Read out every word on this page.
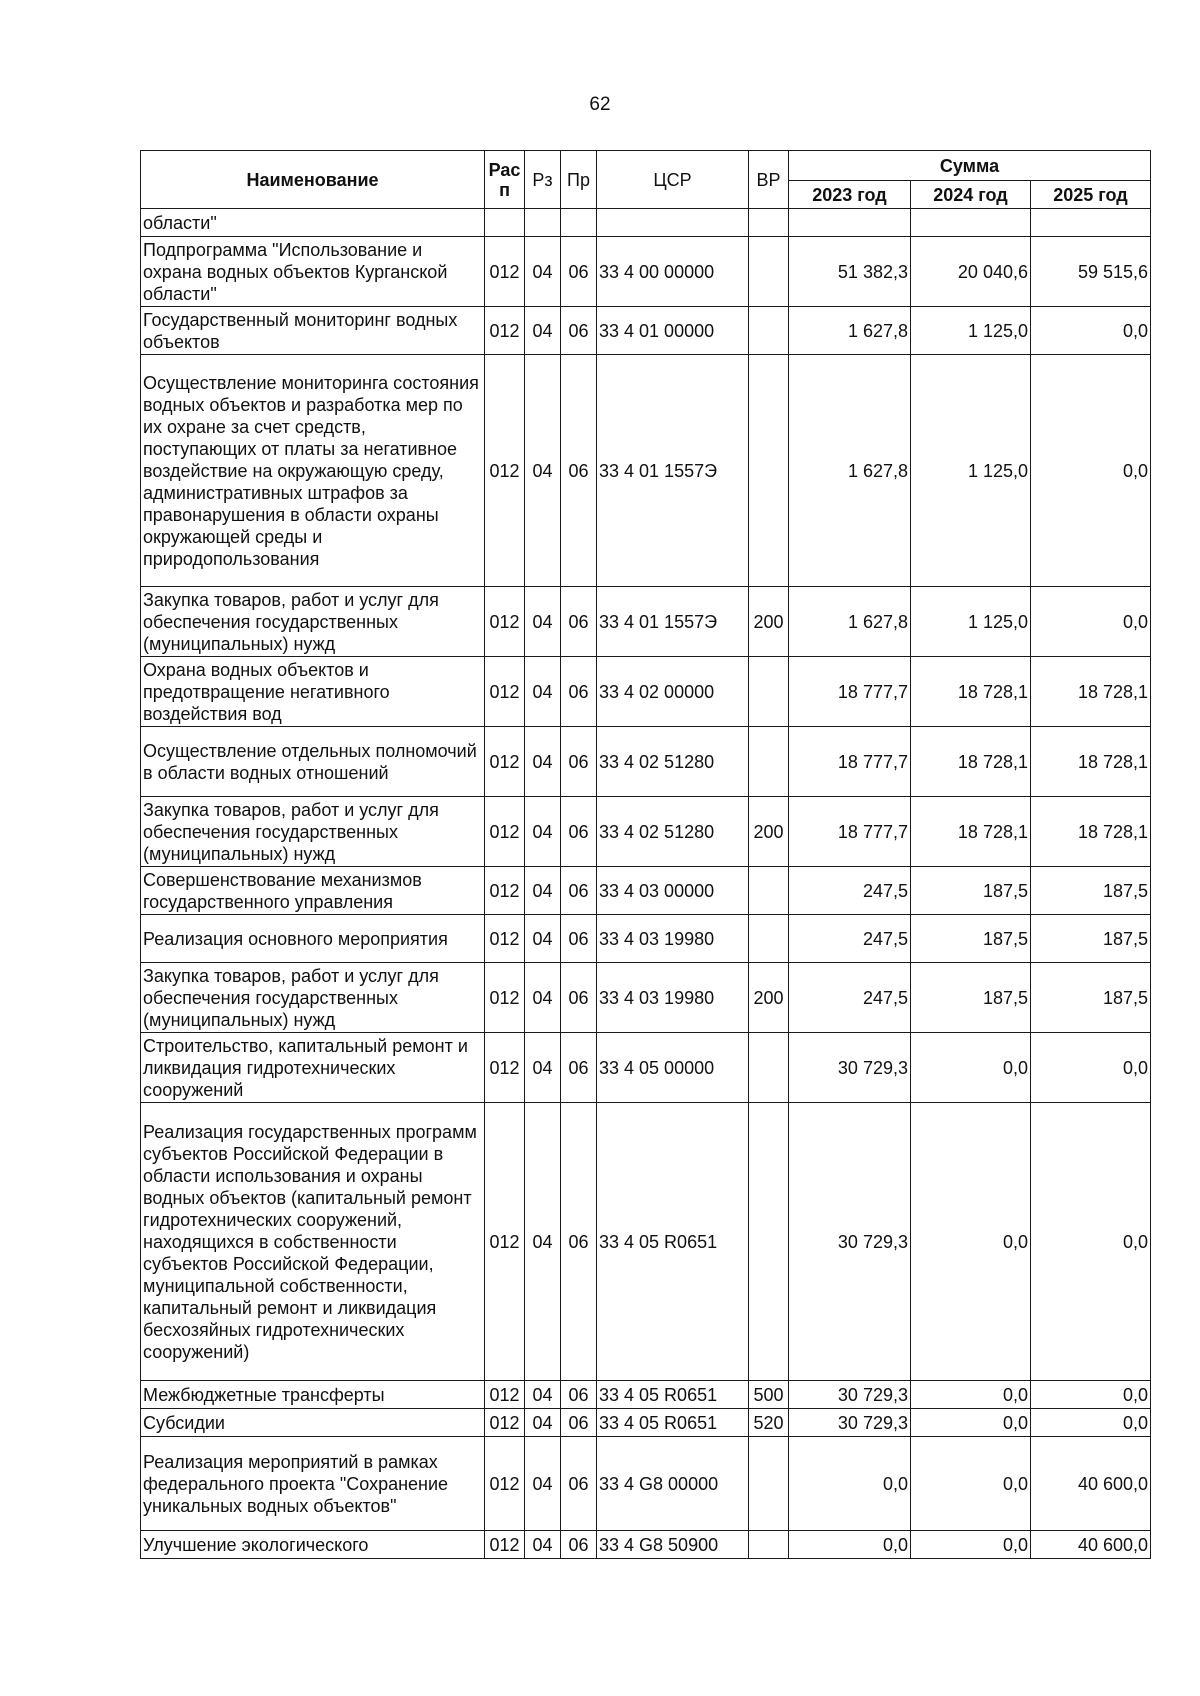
62
Наименование	Расп	Рз	Пр	ЦСР	ВР	Сумма		
						2023 год	2024 год	2025 год
области"								
Подпрограмма "Использование и охрана водных объектов Курганской области"	012	04	06	33 4 00 00000		51 382,3	20 040,6	59 515,6
Государственный мониторинг водных объектов	012	04	06	33 4 01 00000		1 627,8	1 125,0	0,0
Осуществление мониторинга состояния водных объектов и разработка мер по их охране за счет средств, поступающих от платы за негативное воздействие на окружающую среду, административных штрафов за правонарушения в области охраны окружающей среды и природопользования	012	04	06	33 4 01 1557Э		1 627,8	1 125,0	0,0
Закупка товаров, работ и услуг для обеспечения государственных (муниципальных) нужд	012	04	06	33 4 01 1557Э	200	1 627,8	1 125,0	0,0
Охрана водных объектов и предотвращение негативного воздействия вод	012	04	06	33 4 02 00000		18 777,7	18 728,1	18 728,1
Осуществление отдельных полномочий в области водных отношений	012	04	06	33 4 02 51280		18 777,7	18 728,1	18 728,1
Закупка товаров, работ и услуг для обеспечения государственных (муниципальных) нужд	012	04	06	33 4 02 51280	200	18 777,7	18 728,1	18 728,1
Совершенствование механизмов государственного управления	012	04	06	33 4 03 00000		247,5	187,5	187,5
Реализация основного мероприятия	012	04	06	33 4 03 19980		247,5	187,5	187,5
Закупка товаров, работ и услуг для обеспечения государственных (муниципальных) нужд	012	04	06	33 4 03 19980	200	247,5	187,5	187,5
Строительство, капитальный ремонт и ликвидация гидротехнических сооружений	012	04	06	33 4 05 00000		30 729,3	0,0	0,0
Реализация государственных программ субъектов Российской Федерации в области использования и охраны водных объектов (капитальный ремонт гидротехнических сооружений, находящихся в собственности субъектов Российской Федерации, муниципальной собственности, капитальный ремонт и ликвидация бесхозяйных гидротехнических сооружений)	012	04	06	33 4 05 R0651		30 729,3	0,0	0,0
Межбюджетные трансферты	012	04	06	33 4 05 R0651	500	30 729,3	0,0	0,0
Субсидии	012	04	06	33 4 05 R0651	520	30 729,3	0,0	0,0
Реализация мероприятий в рамках федерального проекта "Сохранение уникальных водных объектов"	012	04	06	33 4 G8 00000		0,0	0,0	40 600,0
Улучшение экологического	012	04	06	33 4 G8 50900		0,0	0,0	40 600,0
